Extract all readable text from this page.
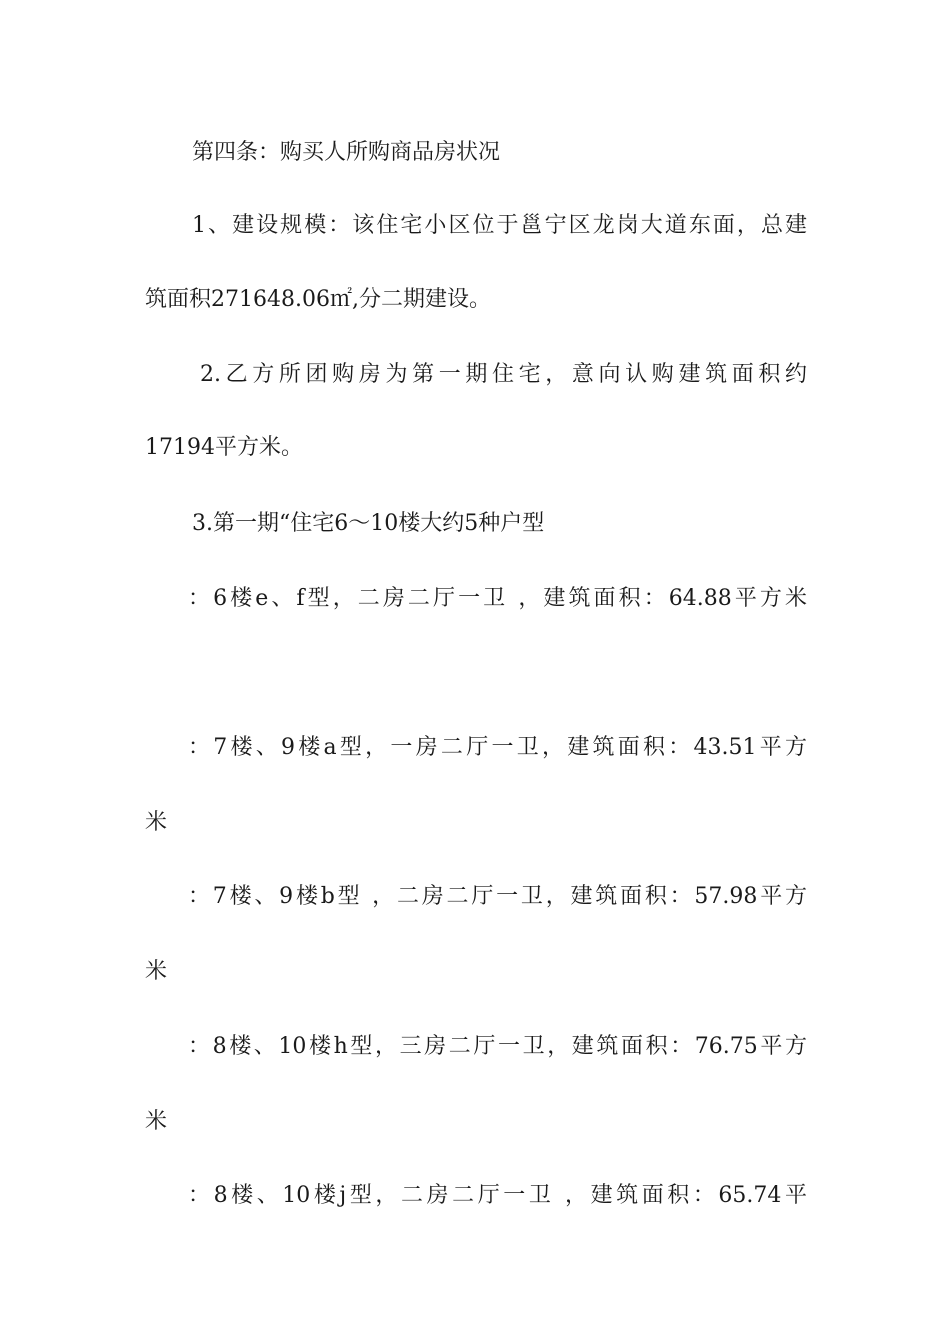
第四条：购买人所购商品房状况
1、建设规模：该住宅小区位于邕宁区龙岗大道东面，总建
筑面积271648.06㎡,分二期建设。
2.乙方所团购房为第一期住宅，意向认购建筑面积约
17194平方米。
3.第一期“住宅6～10楼大约5种户型
：6楼e、f型，二房二厅一卫 ，建筑面积：64.88平方米
：7楼、9楼a型，一房二厅一卫，建筑面积：43.51平方
米
：7楼、9楼b型 ，二房二厅一卫，建筑面积：57.98平方
米
：8楼、10楼h型，三房二厅一卫，建筑面积：76.75平方
米
：8楼、10楼j型，二房二厅一卫 ，建筑面积：65.74平
